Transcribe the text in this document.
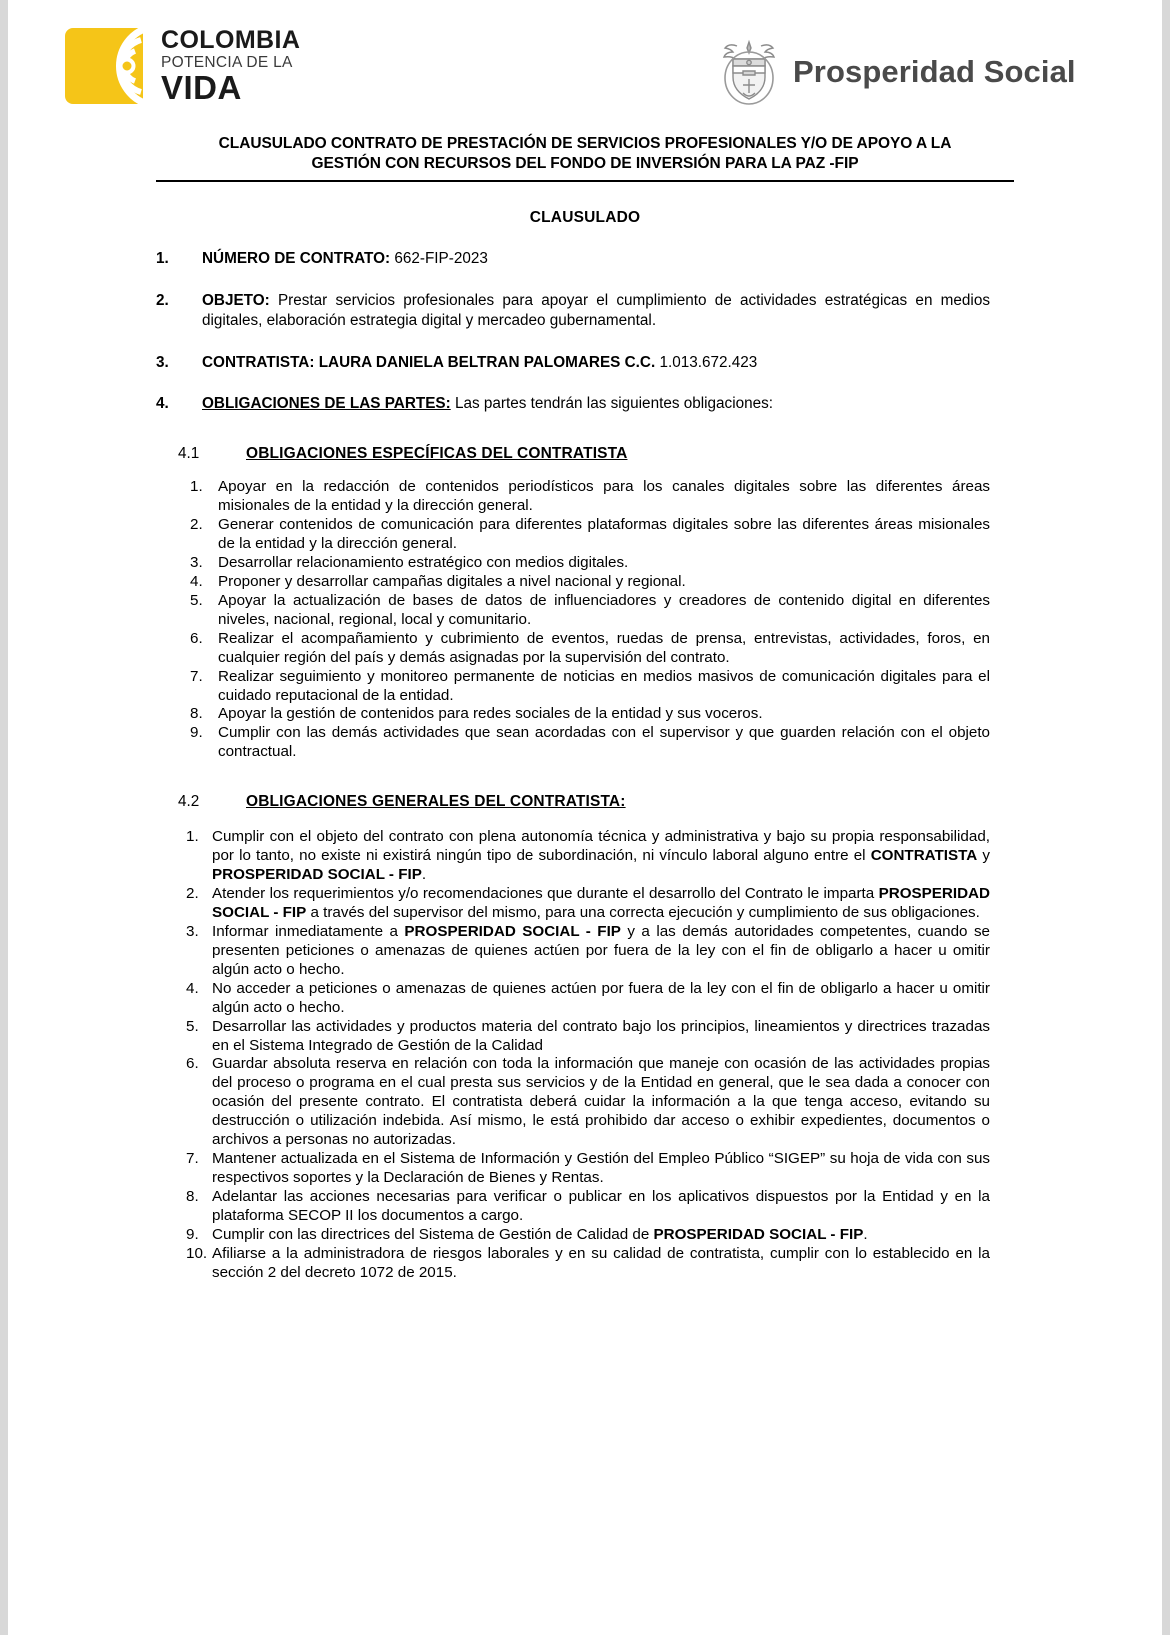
COLOMBIA
POTENCIA DE LA
VIDA	Prosperidad Social
CLAUSULADO CONTRATO DE PRESTACIÓN DE SERVICIOS PROFESIONALES Y/O DE APOYO A LA
GESTIÓN CON RECURSOS DEL FONDO DE INVERSIÓN PARA LA PAZ -FIP
CLAUSULADO
1.	NÚMERO DE CONTRATO: 662-FIP-2023
2.	OBJETO: Prestar servicios profesionales para apoyar el cumplimiento de actividades estratégicas en medios digitales, elaboración estrategia digital y mercadeo gubernamental.
3.	CONTRATISTA: LAURA DANIELA BELTRAN PALOMARES C.C. 1.013.672.423
4.	OBLIGACIONES DE LAS PARTES: Las partes tendrán las siguientes obligaciones:
4.1	OBLIGACIONES ESPECÍFICAS DEL CONTRATISTA
Apoyar en la redacción de contenidos periodísticos para los canales digitales sobre las diferentes áreas misionales de la entidad y la dirección general.
Generar contenidos de comunicación para diferentes plataformas digitales sobre las diferentes áreas misionales de la entidad y la dirección general.
Desarrollar relacionamiento estratégico con medios digitales.
Proponer y desarrollar campañas digitales a nivel nacional y regional.
Apoyar la actualización de bases de datos de influenciadores y creadores de contenido digital en diferentes niveles, nacional, regional, local y comunitario.
Realizar el acompañamiento y cubrimiento de eventos, ruedas de prensa, entrevistas, actividades, foros, en cualquier región del país y demás asignadas por la supervisión del contrato.
Realizar seguimiento y monitoreo permanente de noticias en medios masivos de comunicación digitales para el cuidado reputacional de la entidad.
Apoyar la gestión de contenidos para redes sociales de la entidad y sus voceros.
Cumplir con las demás actividades que sean acordadas con el supervisor y que guarden relación con el objeto contractual.
4.2	OBLIGACIONES GENERALES DEL CONTRATISTA:
Cumplir con el objeto del contrato con plena autonomía técnica y administrativa y bajo su propia responsabilidad, por lo tanto, no existe ni existirá ningún tipo de subordinación, ni vínculo laboral alguno entre el CONTRATISTA y PROSPERIDAD SOCIAL - FIP.
Atender los requerimientos y/o recomendaciones que durante el desarrollo del Contrato le imparta PROSPERIDAD SOCIAL - FIP a través del supervisor del mismo, para una correcta ejecución y cumplimiento de sus obligaciones.
Informar inmediatamente a PROSPERIDAD SOCIAL - FIP y a las demás autoridades competentes, cuando se presenten peticiones o amenazas de quienes actúen por fuera de la ley con el fin de obligarlo a hacer u omitir algún acto o hecho.
No acceder a peticiones o amenazas de quienes actúen por fuera de la ley con el fin de obligarlo a hacer u omitir algún acto o hecho.
Desarrollar las actividades y productos materia del contrato bajo los principios, lineamientos y directrices trazadas en el Sistema Integrado de Gestión de la Calidad
Guardar absoluta reserva en relación con toda la información que maneje con ocasión de las actividades propias del proceso o programa en el cual presta sus servicios y de la Entidad en general, que le sea dada a conocer con ocasión del presente contrato. El contratista deberá cuidar la información a la que tenga acceso, evitando su destrucción o utilización indebida. Así mismo, le está prohibido dar acceso o exhibir expedientes, documentos o archivos a personas no autorizadas.
Mantener actualizada en el Sistema de Información y Gestión del Empleo Público “SIGEP” su hoja de vida con sus respectivos soportes y la Declaración de Bienes y Rentas.
Adelantar las acciones necesarias para verificar o publicar en los aplicativos dispuestos por la Entidad y en la plataforma SECOP II los documentos a cargo.
Cumplir con las directrices del Sistema de Gestión de Calidad de PROSPERIDAD SOCIAL - FIP.
Afiliarse a la administradora de riesgos laborales y en su calidad de contratista, cumplir con lo establecido en la sección 2 del decreto 1072 de 2015.
